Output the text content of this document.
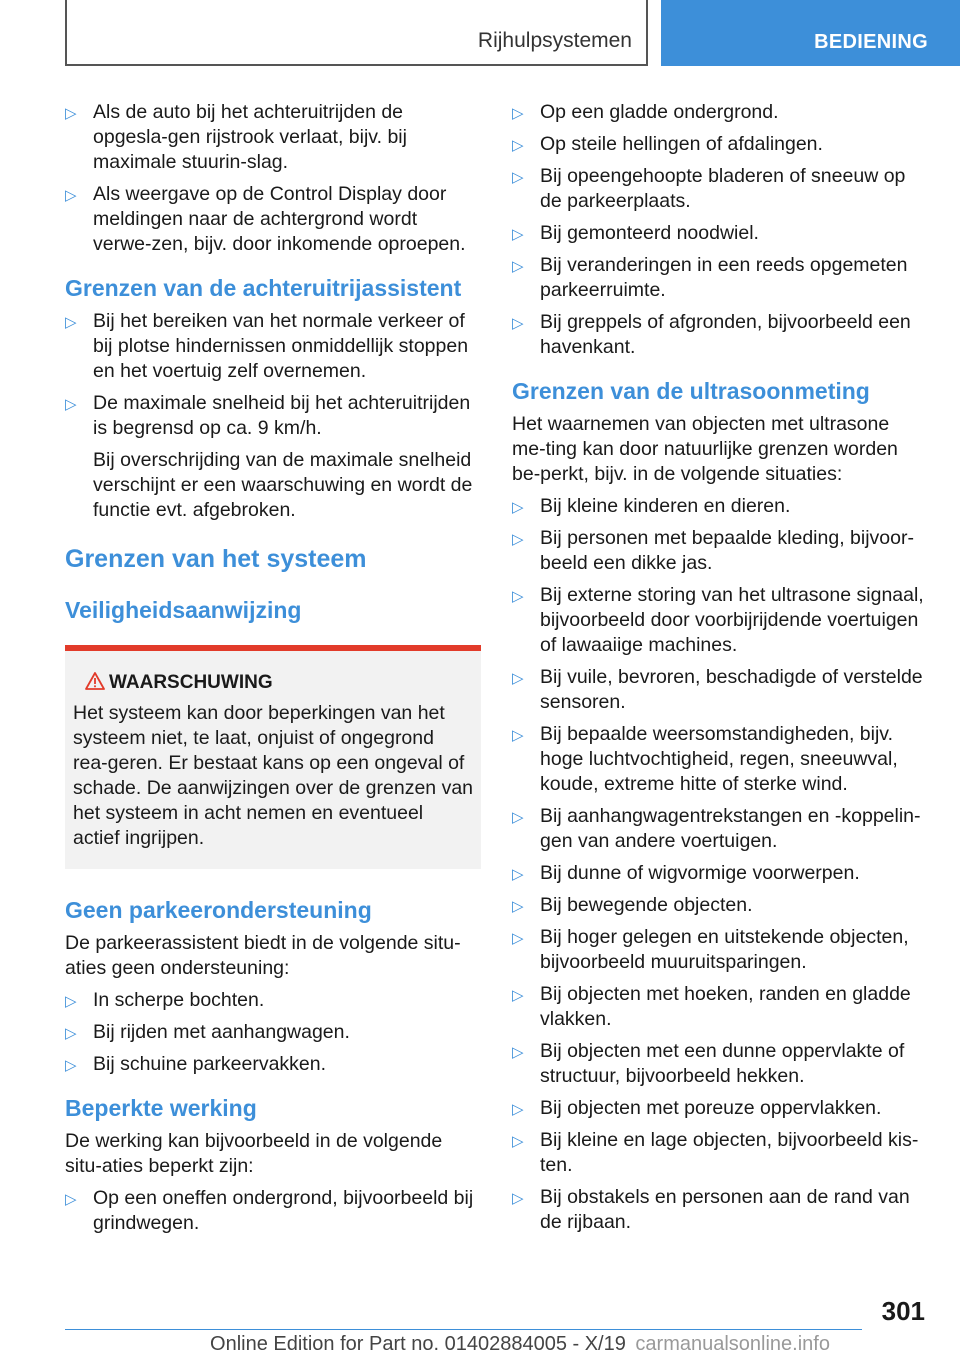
Rijhulpsystemen	BEDIENING
▷ Als de auto bij het achteruitrijden de opgesla-gen rijstrook verlaat, bijv. bij maximale stuurin-slag.

▷ Als weergave op de Control Display door meldingen naar de achtergrond wordt verwe-zen, bijv. door inkomende oproepen.

Grenzen van de achteruitrijassistent
▷ Bij het bereiken van het normale verkeer of bij plotse hindernissen onmiddellijk stoppen en het voertuig zelf overnemen.

▷ De maximale snelheid bij het achteruitrijden is begrensd op ca. 9 km/h.

Bij overschrijding van de maximale snelheid verschijnt er een waarschuwing en wordt de functie evt. afgebroken.

Grenzen van het systeem
Veiligheidsaanwijzing
WAARSCHUWING
Het systeem kan door beperkingen van het systeem niet, te laat, onjuist of ongegrond rea-geren. Er bestaat kans op een ongeval of schade. De aanwijzingen over de grenzen van het systeem in acht nemen en eventueel actief ingrijpen.
Geen parkeerondersteuning
De parkeerassistent biedt in de volgende situ-aties geen ondersteuning:
▷ In scherpe bochten.

▷ Bij rijden met aanhangwagen.

▷ Bij schuine parkeervakken.

Beperkte werking
De werking kan bijvoorbeeld in de volgende situ-aties beperkt zijn:
▷ Op een oneffen ondergrond, bijvoorbeeld bij grindwegen.

▷ Op een gladde ondergrond.

▷ Op steile hellingen of afdalingen.

▷ Bij opeengehoopte bladeren of sneeuw op de parkeerplaats.

▷ Bij gemonteerd noodwiel.

▷ Bij veranderingen in een reeds opgemeten parkeerruimte.

▷ Bij greppels of afgronden, bijvoorbeeld een havenkant.

Grenzen van de ultrasoonmeting
Het waarnemen van objecten met ultrasone me-ting kan door natuurlijke grenzen worden be-perkt, bijv. in de volgende situaties:
▷ Bij kleine kinderen en dieren.

▷ Bij personen met bepaalde kleding, bijvoor-beeld een dikke jas.

▷ Bij externe storing van het ultrasone signaal, bijvoorbeeld door voorbijrijdende voertuigen of lawaaiige machines.

▷ Bij vuile, bevroren, beschadigde of verstelde sensoren.

▷ Bij bepaalde weersomstandigheden, bijv. hoge luchtvochtigheid, regen, sneeuwval, koude, extreme hitte of sterke wind.

▷ Bij aanhangwagentrekstangen en -koppelin-gen van andere voertuigen.

▷ Bij dunne of wigvormige voorwerpen.

▷ Bij bewegende objecten.

▷ Bij hoger gelegen en uitstekende objecten, bijvoorbeeld muuruitsparingen.

▷ Bij objecten met hoeken, randen en gladde vlakken.

▷ Bij objecten met een dunne oppervlakte of structuur, bijvoorbeeld hekken.

▷ Bij objecten met poreuze oppervlakken.

▷ Bij kleine en lage objecten, bijvoorbeeld kis-ten.

▷ Bij obstakels en personen aan de rand van de rijbaan.

301
Online Edition for Part no. 01402884005 - X/19 carmanualsonline.info
